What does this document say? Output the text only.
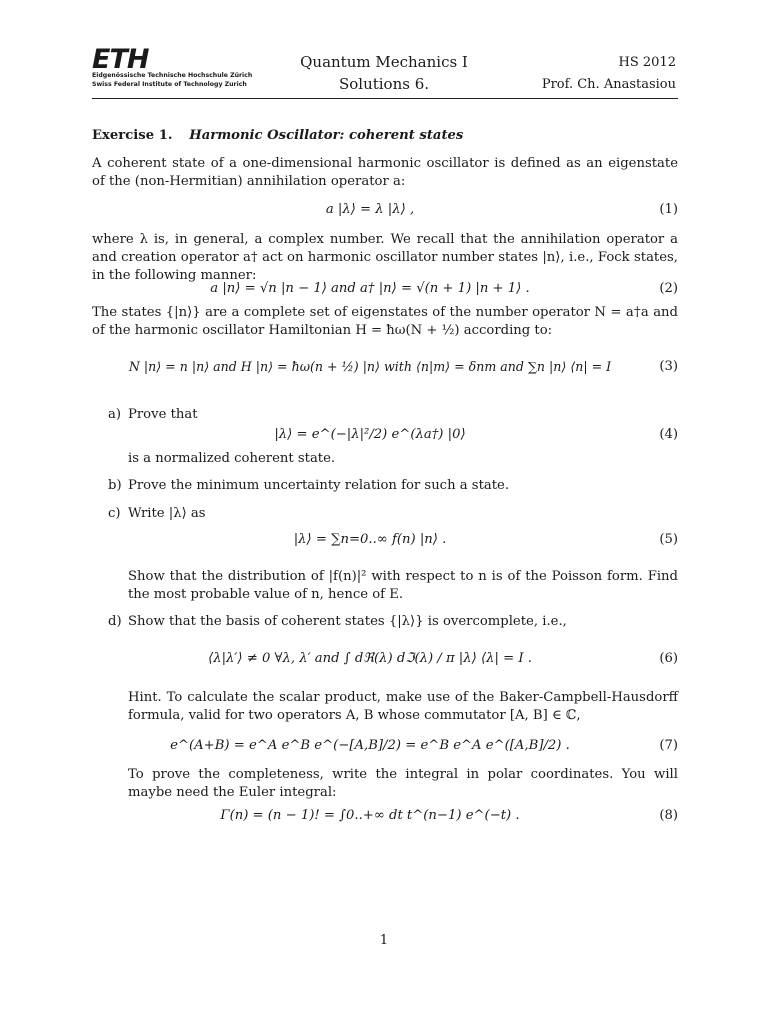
ETH
Eidgenössische Technische Hochschule Zürich
Swiss Federal Institute of Technology Zurich
Quantum Mechanics I
Solutions 6.
HS 2012
Prof. Ch. Anastasiou
Exercise 1. Harmonic Oscillator: coherent states
A coherent state of a one-dimensional harmonic oscillator is defined as an eigenstate of the (non-Hermitian) annihilation operator a:
a |λ⟩ = λ |λ⟩ ,	(1)
where λ is, in general, a complex number. We recall that the annihilation operator a and creation operator a† act on harmonic oscillator number states |n⟩, i.e., Fock states, in the following manner:
a |n⟩ = √n |n − 1⟩ and a† |n⟩ = √(n + 1) |n + 1⟩ .	(2)
The states {|n⟩} are a complete set of eigenstates of the number operator N = a†a and of the harmonic oscillator Hamiltonian H = ħω(N + ½) according to:
N |n⟩ = n |n⟩ and H |n⟩ = ħω(n + ½) |n⟩ with ⟨n|m⟩ = δnm and ∑n |n⟩ ⟨n| = I	(3)
a) Prove that
|λ⟩ = e^(−|λ|²/2) e^(λa†) |0⟩	(4)
is a normalized coherent state.
b) Prove the minimum uncertainty relation for such a state.
c) Write |λ⟩ as
|λ⟩ = ∑n=0..∞ f(n) |n⟩ .	(5)
Show that the distribution of |f(n)|² with respect to n is of the Poisson form. Find the most probable value of n, hence of E.
d) Show that the basis of coherent states {|λ⟩} is overcomplete, i.e.,
⟨λ|λ′⟩ ≠ 0 ∀λ, λ′ and ∫ dℜ(λ) dℑ(λ) / π |λ⟩ ⟨λ| = I .	(6)
Hint. To calculate the scalar product, make use of the Baker-Campbell-Hausdorff formula, valid for two operators A, B whose commutator [A, B] ∈ ℂ,
e^(A+B) = e^A e^B e^(−[A,B]/2) = e^B e^A e^([A,B]/2) .	(7)
To prove the completeness, write the integral in polar coordinates. You will maybe need the Euler integral:
Γ(n) = (n − 1)! = ∫0..+∞ dt t^(n−1) e^(−t) .	(8)
1
